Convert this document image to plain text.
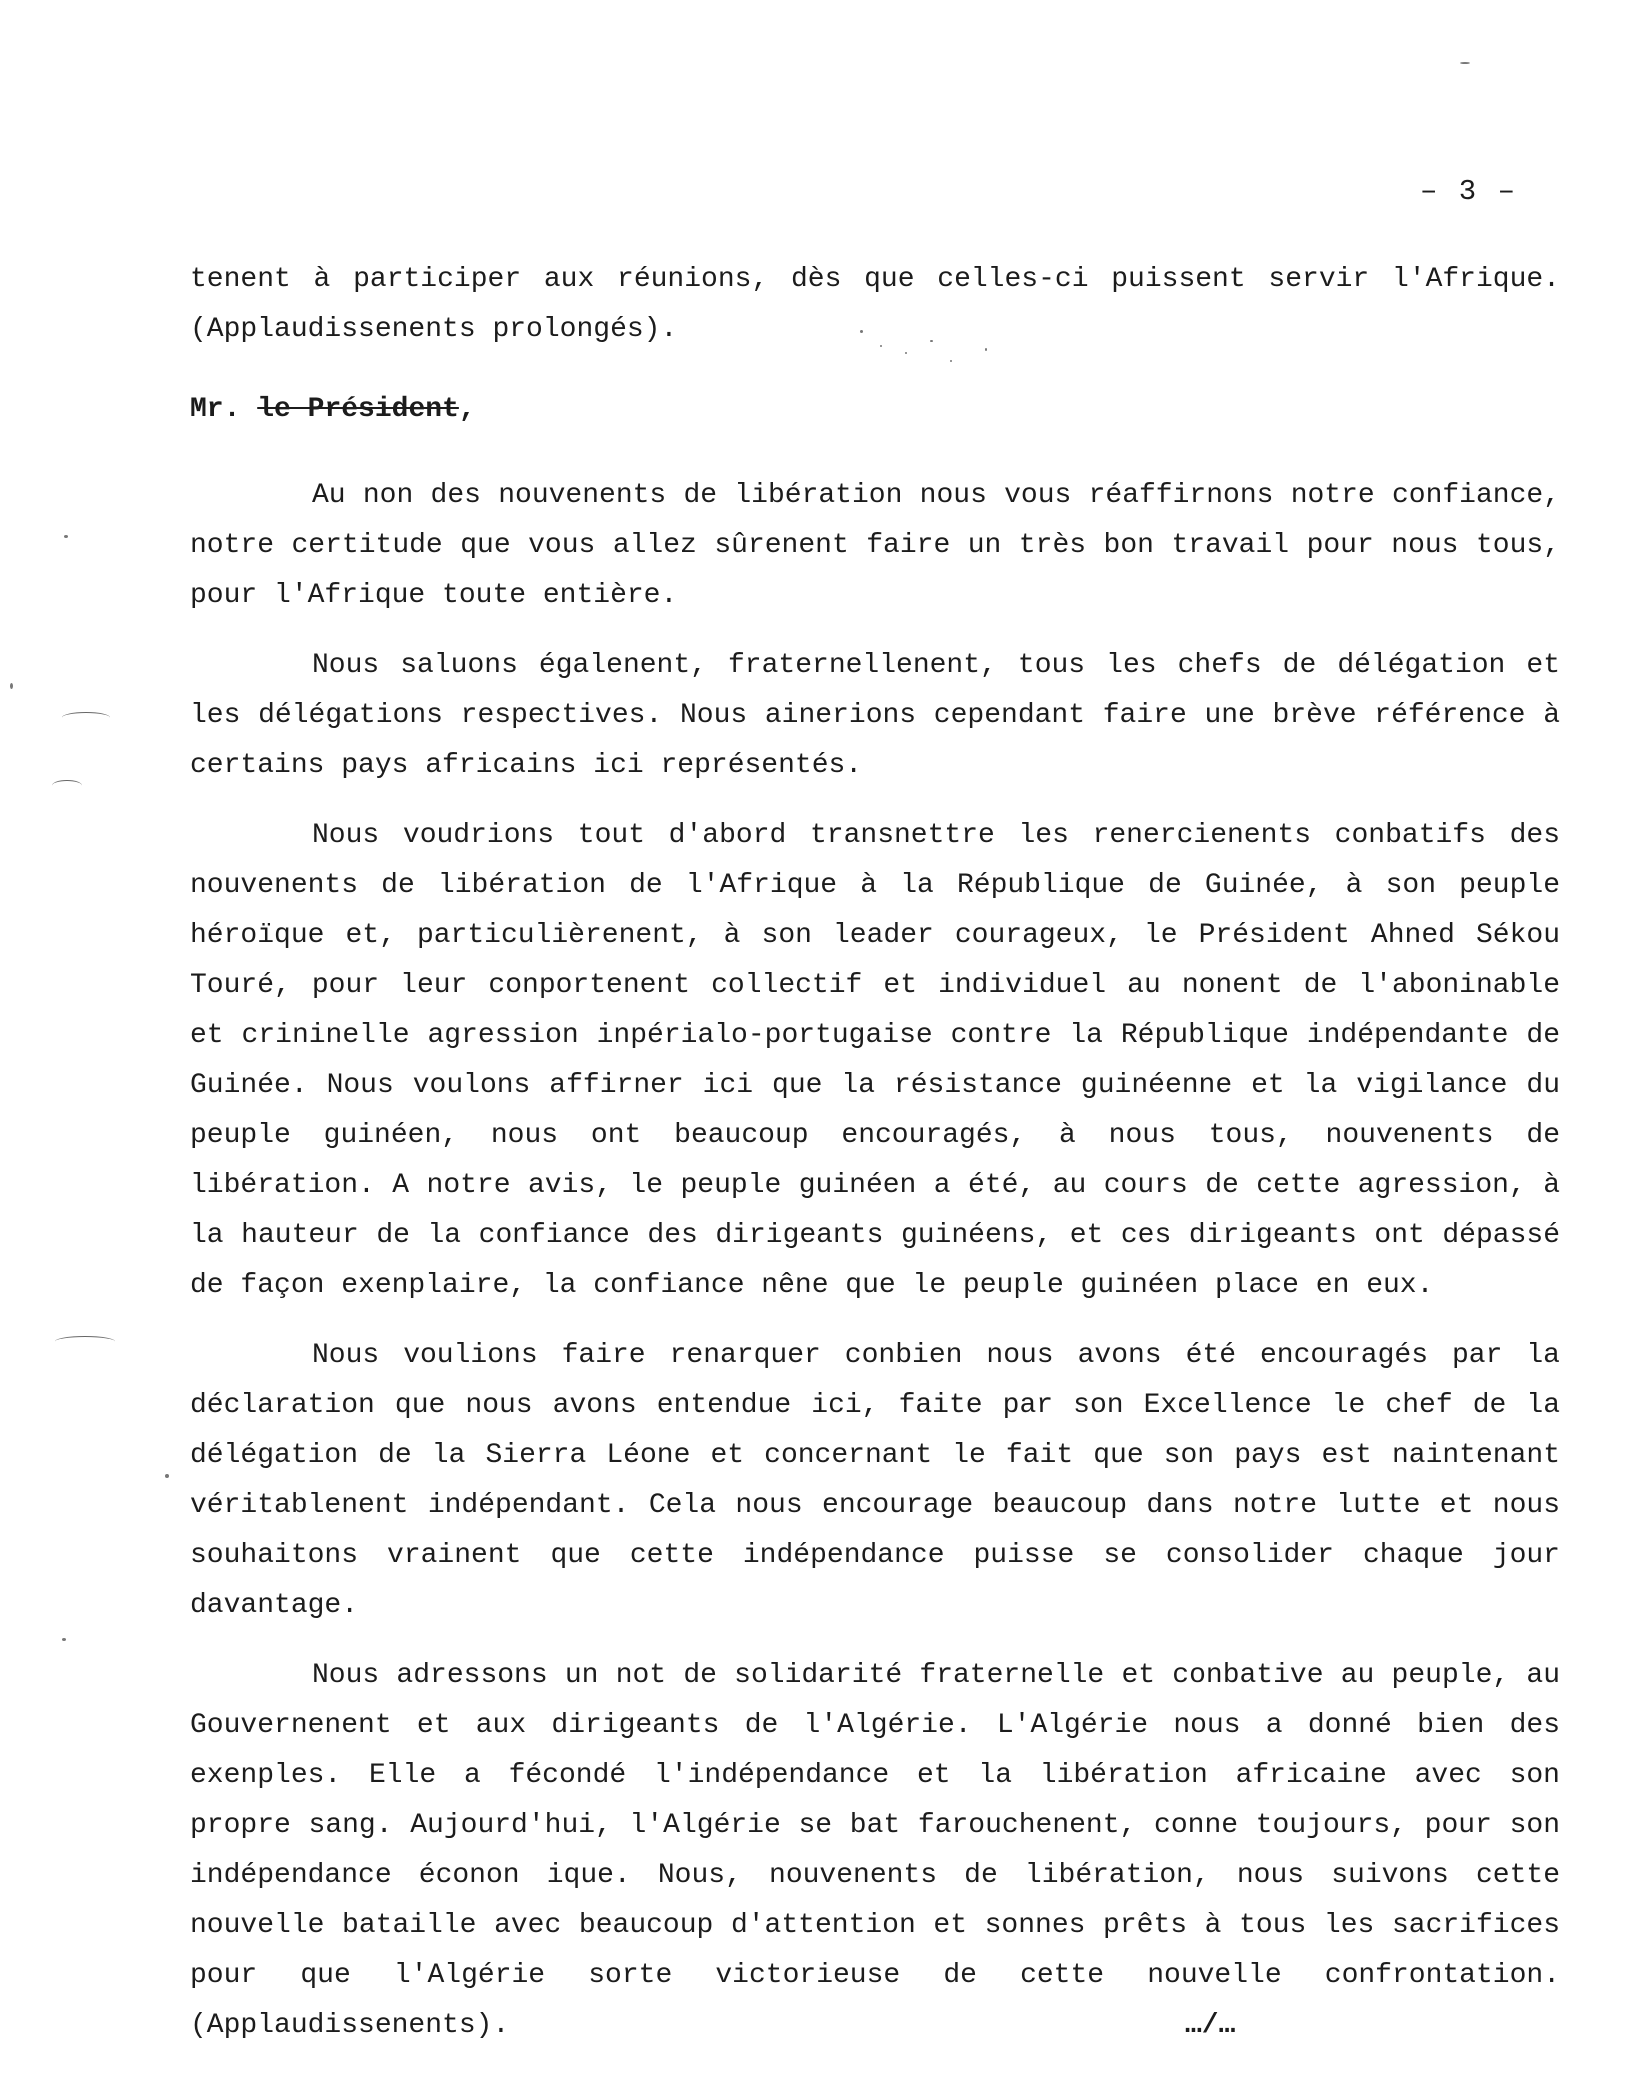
– 3 –

tenent à participer aux réunions, dès que celles-ci puissent servir l'Afrique. (Applaudissenents prolongés).

Mr. le Président,

Au non des nouvenents de libération nous vous réaffirnons notre confiance, notre certitude que vous allez sûrenent faire un très bon travail pour nous tous, pour l'Afrique toute entière.

Nous saluons égalenent, fraternellenent, tous les chefs de délégation et les délégations respectives. Nous ainerions cependant faire une brève référence à certains pays africains ici représentés.

Nous voudrions tout d'abord transnettre les renercienents conbatifs des nouvenents de libération de l'Afrique à la République de Guinée, à son peuple héroïque et, particulièrenent, à son leader courageux, le Président Ahned Sékou Touré, pour leur conportenent collectif et individuel au nonent de l'aboninable et crininelle agression inpérialo-portugaise contre la République indépendante de Guinée. Nous voulons affirner ici que la résistance guinéenne et la vigilance du peuple guinéen, nous ont beaucoup encouragés, à nous tous, nouvenents de libération. A notre avis, le peuple guinéen a été, au cours de cette agression, à la hauteur de la confiance des dirigeants guinéens, et ces dirigeants ont dépassé de façon exenplaire, la confiance nêne que le peuple guinéen place en eux.

Nous voulions faire renarquer conbien nous avons été encouragés par la déclaration que nous avons entendue ici, faite par son Excellence le chef de la délégation de la Sierra Léone et concernant le fait que son pays est naintenant véritablenent indépendant. Cela nous encourage beaucoup dans notre lutte et nous souhaitons vrainent que cette indépendance puisse se consolider chaque jour davantage.

Nous adressons un not de solidarité fraternelle et conbative au peuple, au Gouvernenent et aux dirigeants de l'Algérie. L'Algérie nous a donné bien des exenples. Elle a fécondé l'indépendance et la libération africaine avec son propre sang. Aujourd'hui, l'Algérie se bat farouchenent, conne toujours, pour son indépendance éconon ique. Nous, nouvenents de libération, nous suivons cette nouvelle bataille avec beaucoup d'attention et sonnes prêts à tous les sacrifices pour que l'Algérie sorte victorieuse de cette nouvelle confrontation. (Applaudissenents).	…/…
